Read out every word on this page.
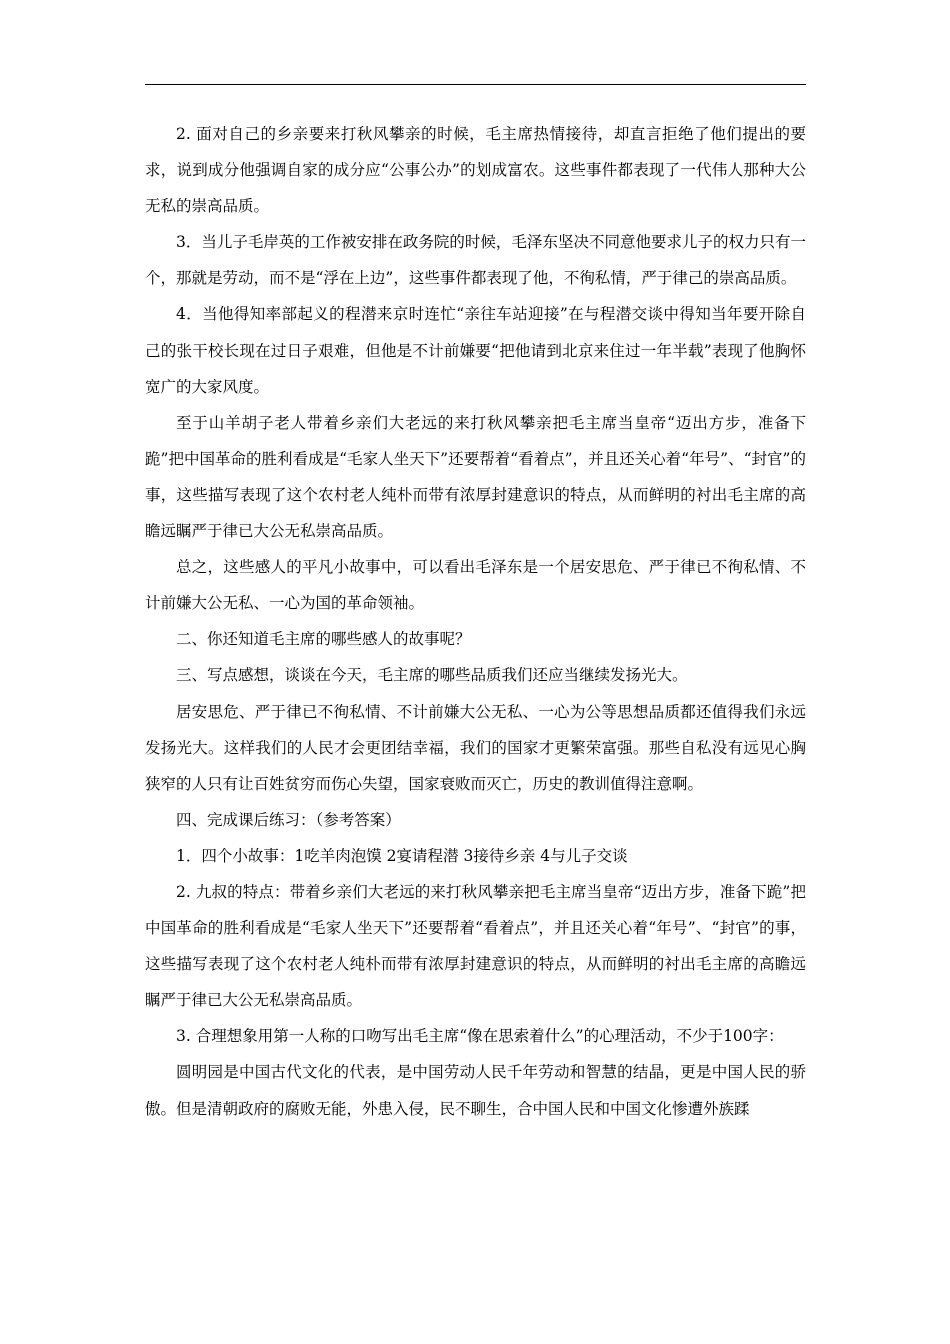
2. 面对自己的乡亲要来打秋风攀亲的时候，毛主席热情接待，却直言拒绝了他们提出的要求，说到成分他强调自家的成分应“公事公办”的划成富农。这些事件都表现了一代伟人那种大公无私的崇高品质。

3．当儿子毛岸英的工作被安排在政务院的时候，毛泽东坚决不同意他要求儿子的权力只有一个，那就是劳动，而不是“浮在上边”，这些事件都表现了他，不徇私情，严于律己的崇高品质。

4．当他得知率部起义的程潜来京时连忙“亲往车站迎接”在与程潜交谈中得知当年要开除自己的张干校长现在过日子艰难，但他是不计前嫌要“把他请到北京来住过一年半载”表现了他胸怀宽广的大家风度。

至于山羊胡子老人带着乡亲们大老远的来打秋风攀亲把毛主席当皇帝“迈出方步，准备下跪”把中国革命的胜利看成是“毛家人坐天下”还要帮着“看着点”，并且还关心着“年号”、“封官”的事，这些描写表现了这个农村老人纯朴而带有浓厚封建意识的特点，从而鲜明的衬出毛主席的高瞻远瞩严于律已大公无私崇高品质。

总之，这些感人的平凡小故事中，可以看出毛泽东是一个居安思危、严于律已不徇私情、不计前嫌大公无私、一心为国的革命领袖。

二、你还知道毛主席的哪些感人的故事呢？

三、写点感想，谈谈在今天，毛主席的哪些品质我们还应当继续发扬光大。

居安思危、严于律已不徇私情、不计前嫌大公无私、一心为公等思想品质都还值得我们永远发扬光大。这样我们的人民才会更团结幸福，我们的国家才更繁荣富强。那些自私没有远见心胸狭窄的人只有让百姓贫穷而伤心失望，国家衰败而灭亡，历史的教训值得注意啊。

四、完成课后练习：（参考答案）

1．四个小故事：1吃羊肉泡馍 2宴请程潜 3接待乡亲 4与儿子交谈

2. 九叔的特点：带着乡亲们大老远的来打秋风攀亲把毛主席当皇帝“迈出方步，准备下跪”把中国革命的胜利看成是“毛家人坐天下”还要帮着“看着点”，并且还关心着“年号”、“封官”的事，这些描写表现了这个农村老人纯朴而带有浓厚封建意识的特点，从而鲜明的衬出毛主席的高瞻远瞩严于律已大公无私崇高品质。

3. 合理想象用第一人称的口吻写出毛主席“像在思索着什么”的心理活动，不少于100字：

圆明园是中国古代文化的代表，是中国劳动人民千年劳动和智慧的结晶，更是中国人民的骄傲。但是清朝政府的腐败无能，外患入侵，民不聊生，合中国人民和中国文化惨遭外族蹂
